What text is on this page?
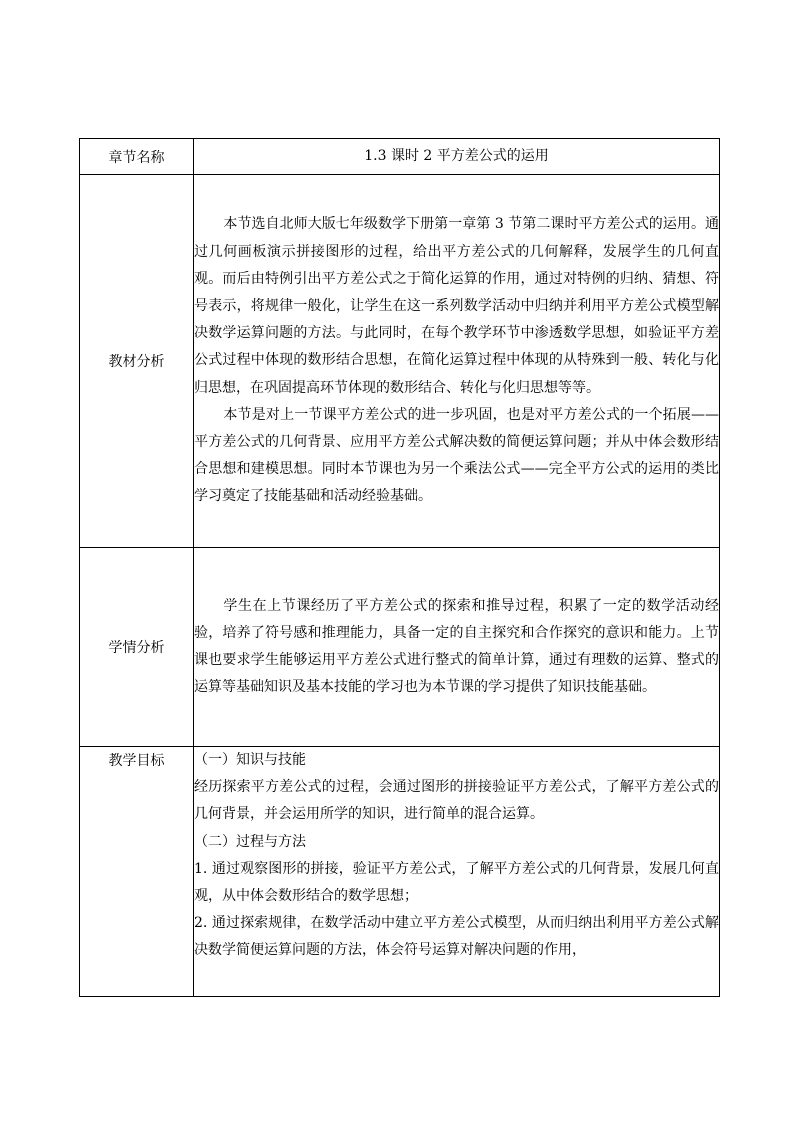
章节名称	1.3 课时 2 平方差公式的运用
教材分析	本节选自北师大版七年级数学下册第一章第 3 节第二课时平方差公式的运用。通过几何画板演示拼接图形的过程，给出平方差公式的几何解释，发展学生的几何直观。而后由特例引出平方差公式之于简化运算的作用，通过对特例的归纳、猜想、符号表示，将规律一般化，让学生在这一系列数学活动中归纳并利用平方差公式模型解决数学运算问题的方法。与此同时，在每个教学环节中渗透数学思想，如验证平方差公式过程中体现的数形结合思想，在简化运算过程中体现的从特殊到一般、转化与化归思想，在巩固提高环节体现的数形结合、转化与化归思想等等。

本节是对上一节课平方差公式的进一步巩固，也是对平方差公式的一个拓展——平方差公式的几何背景、应用平方差公式解决数的简便运算问题；并从中体会数形结合思想和建模思想。同时本节课也为另一个乘法公式——完全平方公式的运用的类比学习奠定了技能基础和活动经验基础。

学情分析	学生在上节课经历了平方差公式的探索和推导过程，积累了一定的数学活动经验，培养了符号感和推理能力，具备一定的自主探究和合作探究的意识和能力。上节课也要求学生能够运用平方差公式进行整式的简单计算，通过有理数的运算、整式的运算等基础知识及基本技能的学习也为本节课的学习提供了知识技能基础。

教学目标	（一）知识与技能

经历探索平方差公式的过程，会通过图形的拼接验证平方差公式，了解平方差公式的几何背景，并会运用所学的知识，进行简单的混合运算。

（二）过程与方法

1. 通过观察图形的拼接，验证平方差公式，了解平方差公式的几何背景，发展几何直观，从中体会数形结合的数学思想；

2. 通过探索规律，在数学活动中建立平方差公式模型，从而归纳出利用平方差公式解决数学简便运算问题的方法，体会符号运算对解决问题的作用，
